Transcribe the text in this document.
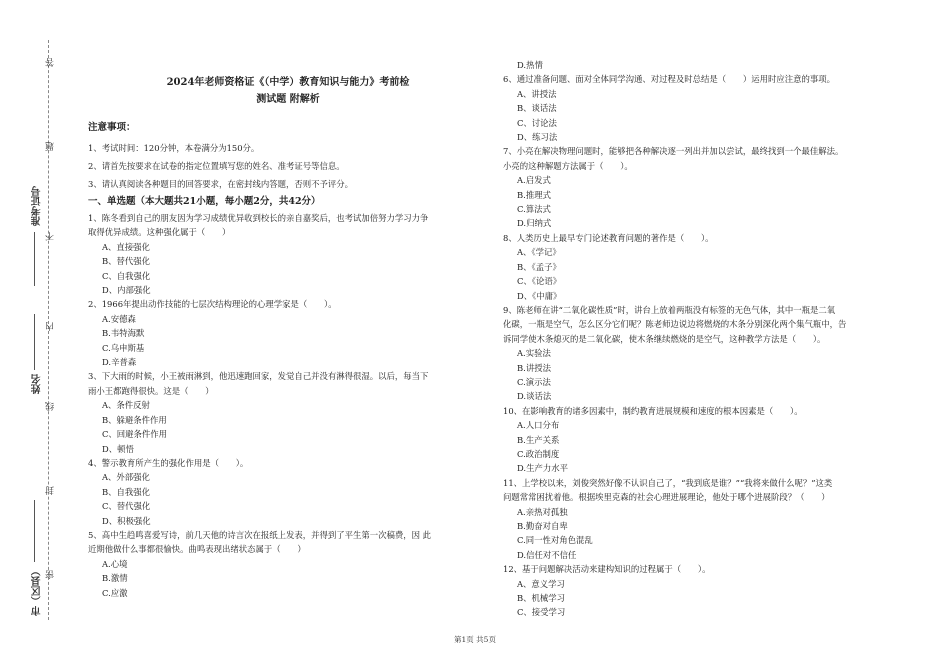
答
题
不
内
线
封
密
准考证号
姓名
市（区县）

2024年老师资格证《（中学）教育知识与能力》考前检

测试题 附解析

注意事项：

1、考试时间：120分钟，本卷满分为150分。

2、请首先按要求在试卷的指定位置填写您的姓名、准考证号等信息。

3、请认真阅读各种题目的回答要求，在密封线内答题，否则不予评分。

一、单选题（本大题共21小题，每小题2分，共42分）

1、陈冬看到自己的朋友因为学习成绩优异收到校长的亲自嘉奖后，也考试加倍努力学习力争

取得优异成绩。这种强化属于（　　）

A、直接强化

B、替代强化

C、自我强化

D、内部强化

2、1966年提出动作技能的七层次结构理论的心理学家是（　　）。

A.安德森

B.韦特海默

C.乌申斯基

D.辛普森

3、下大雨的时候，小王被雨淋到，他迅速跑回家，发觉自己并没有淋得很湿。以后，每当下

雨小王都跑得很快。这是（　　）

A、条件反射

B、躲避条件作用

C、回避条件作用

D、顿悟

4、警示教育所产生的强化作用是（　　）。

A、外部强化

B、自我强化

C、替代强化

D、积极强化

5、高中生趋鸣喜爱写诗，前几天他的诗言次在报纸上发表，并得到了平生第一次稿费，因 此

近期他做什么事都很愉快。曲鸣表现出绪状态属于（　　）

A.心境

B.激情

C.应激

D.热情

6、通过准备问题、面对全体同学沟通、对过程及时总结是（　　）运用时应注意的事项。

A、讲授法

B、谈话法

C、讨论法

D、练习法

7、小亮在解决物理问题时，能够把各种解决逐一列出并加以尝试，最终找到一个最佳解法。

小亮的这种解题方法属于（　　）。

A.启发式

B.推理式

C.算法式

D.归纳式

8、人类历史上最早专门论述教育问题的著作是（　　）。

A、《学记》

B、《孟子》

C、《论语》

D、《中庸》

9、陈老师在讲“二氧化碳性质”时，讲台上放着两瓶没有标签的无色气体，其中一瓶是二氧

化碳，一瓶是空气，怎么区分它们呢？陈老师边说边将燃烧的木条分别深化两个集气瓶中，告

诉同学使木条熄灭的是二氧化碳，使木条继续燃烧的是空气，这种教学方法是（　　）。

A.实验法

B.讲授法

C.演示法

D.谈话法

10、在影响教育的诸多因素中，制约教育进展规模和速度的根本因素是（　　）。

A.人口分布

B.生产关系

C.政治制度

D.生产力水平

11、上学校以来，刘俊突然好像不认识自己了，“我到底是谁？”“我将来做什么呢？”这类

问题常常困扰着他。根据埃里克森的社会心理进展理论，他处于哪个进展阶段？（　　）

A.亲热对孤独

B.勤奋对自卑

C.同一性对角色混乱

D.信任对不信任

12、基于问题解决活动来建构知识的过程属于（　　）。

A、意义学习

B、机械学习

C、接受学习

第1页 共5页
